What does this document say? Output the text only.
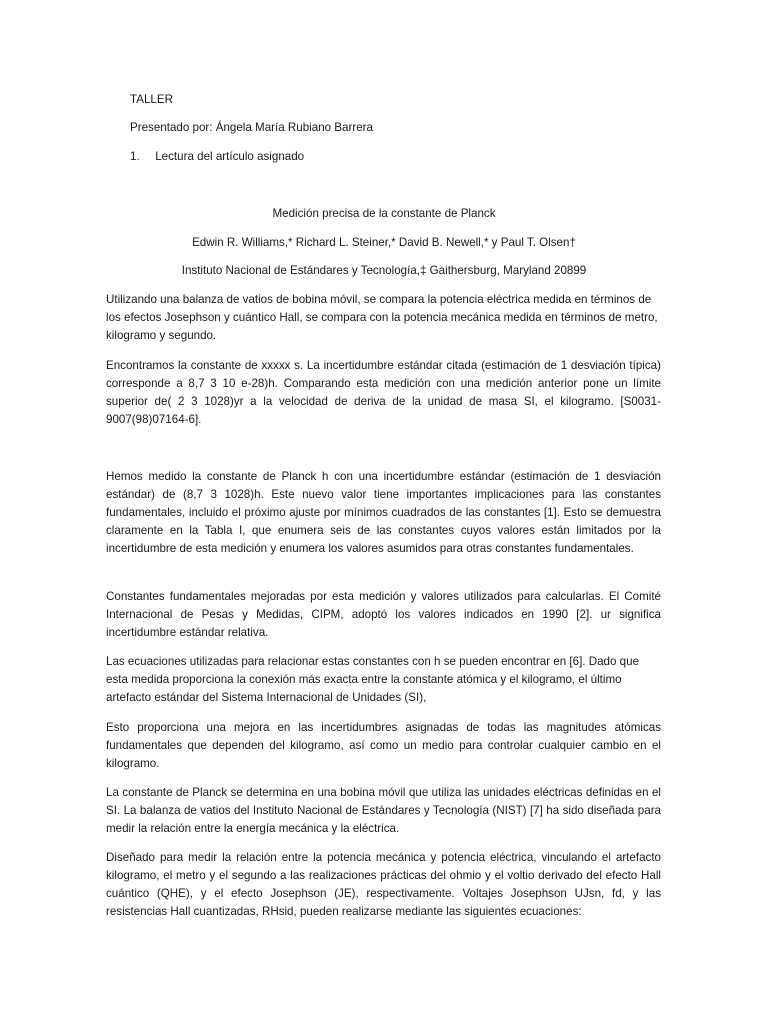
TALLER
Presentado por: Ángela María Rubiano Barrera
1. Lectura del artículo asignado
Medición precisa de la constante de Planck
Edwin R. Williams,* Richard L. Steiner,* David B. Newell,* y Paul T. Olsen†
Instituto Nacional de Estándares y Tecnología,‡ Gaithersburg, Maryland 20899

Utilizando una balanza de vatios de bobina móvil, se compara la potencia eléctrica medida en términos de los efectos Josephson y cuántico Hall, se compara con la potencia mecánica medida en términos de metro, kilogramo y segundo.

Encontramos la constante de xxxxx s. La incertidumbre estándar citada (estimación de 1 desviación típica) corresponde a 8,7 3 10 e-28)h. Comparando esta medición con una medición anterior pone un límite superior de( 2 3 1028)yr a la velocidad de deriva de la unidad de masa SI, el kilogramo. [S0031-9007(98)07164-6].

Hemos medido la constante de Planck h con una incertidumbre estándar (estimación de 1 desviación estándar) de (8,7 3 1028)h. Este nuevo valor tiene importantes implicaciones para las constantes fundamentales, incluido el próximo ajuste por mínimos cuadrados de las constantes [1]. Esto se demuestra claramente en la Tabla I, que enumera seis de las constantes cuyos valores están limitados por la incertidumbre de esta medición y enumera los valores asumidos para otras constantes fundamentales.

Constantes fundamentales mejoradas por esta medición y valores utilizados para calcularlas. El Comité Internacional de Pesas y Medidas, CIPM, adoptó los valores indicados en 1990 [2]. ur significa incertidumbre estándar relativa.

Las ecuaciones utilizadas para relacionar estas constantes con h se pueden encontrar en [6]. Dado que esta medida proporciona la conexión más exacta entre la constante atómica y el kilogramo, el último artefacto estándar del Sistema Internacional de Unidades (SI),

Esto proporciona una mejora en las incertidumbres asignadas de todas las magnitudes atómicas fundamentales que dependen del kilogramo, así como un medio para controlar cualquier cambio en el kilogramo.

La constante de Planck se determina en una bobina móvil que utiliza las unidades eléctricas definidas en el SI. La balanza de vatios del Instituto Nacional de Estándares y Tecnología (NIST) [7] ha sido diseñada para medir la relación entre la energía mecánica y la eléctrica.

Diseñado para medir la relación entre la potencia mecánica y potencia eléctrica, vinculando el artefacto kilogramo, el metro y el segundo a las realizaciones prácticas del ohmio y el voltio derivado del efecto Hall cuántico (QHE), y el efecto Josephson (JE), respectivamente. Voltajes Josephson UJsn, fd, y las resistencias Hall cuantizadas, RHsid, pueden realizarse mediante las siguientes ecuaciones:
